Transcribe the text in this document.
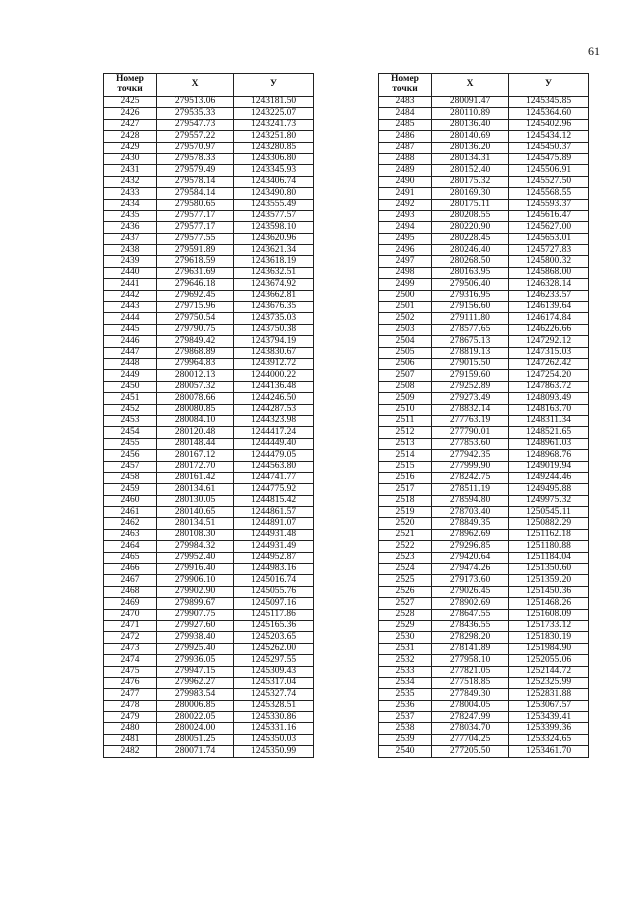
61
Номер
точки	X	У
2425	279513.06	1243181.50
2426	279535.33	1243225.07
2427	279547.73	1243241.73
2428	279557.22	1243251.80
2429	279570.97	1243280.85
2430	279578.33	1243306.80
2431	279579.49	1243345.93
2432	279578.14	1243406.74
2433	279584.14	1243490.80
2434	279580.65	1243555.49
2435	279577.17	1243577.57
2436	279577.17	1243598.10
2437	279577.55	1243620.96
2438	279591.89	1243621.34
2439	279618.59	1243618.19
2440	279631.69	1243632.51
2441	279646.18	1243674.92
2442	279692.45	1243662.81
2443	279715.96	1243676.35
2444	279750.54	1243735.03
2445	279790.75	1243750.38
2446	279849.42	1243794.19
2447	279868.89	1243830.67
2448	279964.83	1243912.72
2449	280012.13	1244000.22
2450	280057.32	1244136.48
2451	280078.66	1244246.50
2452	280080.85	1244287.53
2453	280084.10	1244323.98
2454	280120.48	1244417.24
2455	280148.44	1244449.40
2456	280167.12	1244479.05
2457	280172.70	1244563.80
2458	280161.42	1244741.77
2459	280134.61	1244775.92
2460	280130.05	1244815.42
2461	280140.65	1244861.57
2462	280134.51	1244891.07
2463	280108.30	1244931.48
2464	279984.32	1244931.49
2465	279952.40	1244952.87
2466	279916.40	1244983.16
2467	279906.10	1245016.74
2468	279902.90	1245055.76
2469	279899.67	1245097.16
2470	279907.75	1245117.86
2471	279927.60	1245165.36
2472	279938.40	1245203.65
2473	279925.40	1245262.00
2474	279936.05	1245297.55
2475	279947.15	1245309.43
2476	279962.27	1245317.04
2477	279983.54	1245327.74
2478	280006.85	1245328.51
2479	280022.05	1245330.86
2480	280024.00	1245331.16
2481	280051.25	1245350.03
2482	280071.74	1245350.99
Номер
точки	X	У
2483	280091.47	1245345.85
2484	280110.89	1245364.60
2485	280136.40	1245402.96
2486	280140.69	1245434.12
2487	280136.20	1245450.37
2488	280134.31	1245475.89
2489	280152.40	1245506.91
2490	280175.32	1245527.50
2491	280169.30	1245568.55
2492	280175.11	1245593.37
2493	280208.55	1245616.47
2494	280220.90	1245627.00
2495	280228.45	1245653.01
2496	280246.40	1245727.83
2497	280268.50	1245800.32
2498	280163.95	1245868.00
2499	279506.40	1246328.14
2500	279316.95	1246233.57
2501	279156.60	1246139.64
2502	279111.80	1246174.84
2503	278577.65	1246226.66
2504	278675.13	1247292.12
2505	278819.13	1247315.03
2506	279015.50	1247262.42
2507	279159.60	1247254.20
2508	279252.89	1247863.72
2509	279273.49	1248093.49
2510	278832.14	1248163.70
2511	277763.19	1248311.34
2512	277790.01	1248521.65
2513	277853.60	1248961.03
2514	277942.35	1248968.76
2515	277999.90	1249019.94
2516	278242.75	1249244.46
2517	278511.19	1249495.88
2518	278594.80	1249975.32
2519	278703.40	1250545.11
2520	278849.35	1250882.29
2521	278962.69	1251162.18
2522	279296.85	1251180.88
2523	279420.64	1251184.04
2524	279474.26	1251350.60
2525	279173.60	1251359.20
2526	279026.45	1251450.36
2527	278902.69	1251468.26
2528	278647.55	1251608.09
2529	278436.55	1251733.12
2530	278298.20	1251830.19
2531	278141.89	1251984.90
2532	277958.10	1252055.06
2533	277821.05	1252144.72
2534	277518.85	1252325.99
2535	277849.30	1252831.88
2536	278004.05	1253067.57
2537	278247.99	1253439.41
2538	278034.70	1253399.36
2539	277704.25	1253324.65
2540	277205.50	1253461.70
